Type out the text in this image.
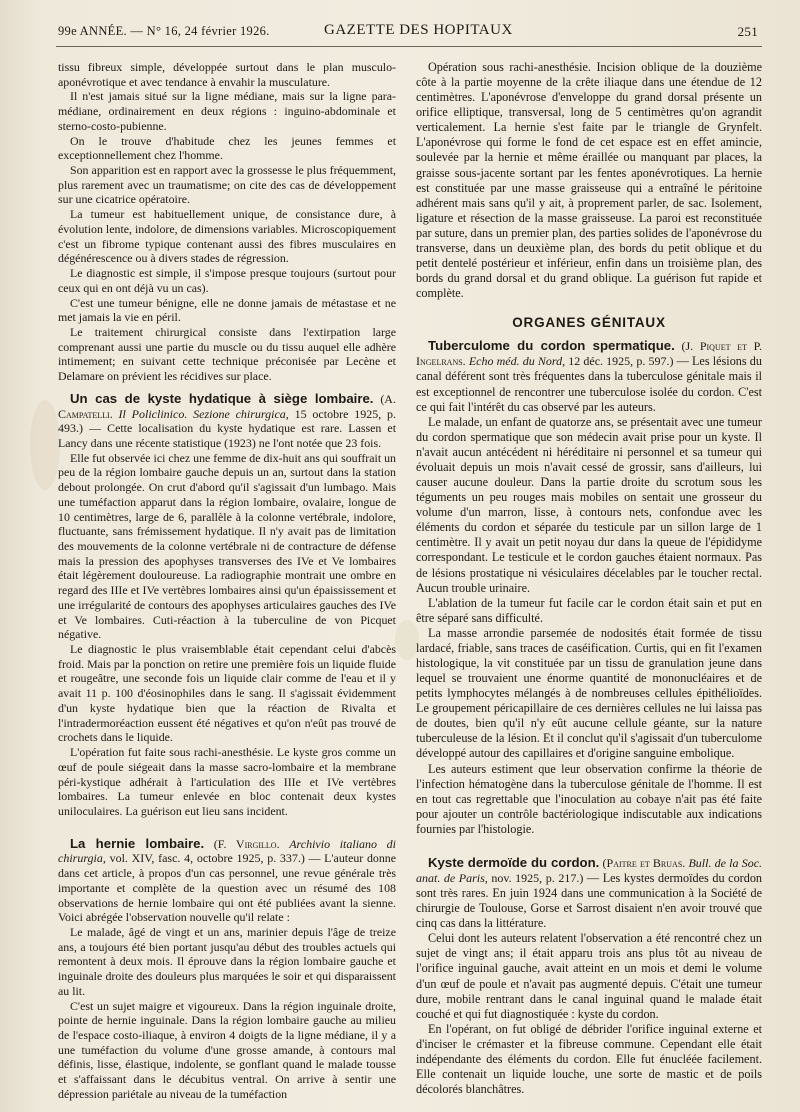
99e ANNÉE. — N° 16, 24 février 1926.	GAZETTE DES HOPITAUX	251

tissu fibreux simple, développée surtout dans le plan musculo-aponévrotique et avec tendance à envahir la musculature.

Il n'est jamais situé sur la ligne médiane, mais sur la ligne para-médiane, ordinairement en deux régions : inguino-abdominale et sterno-costo-pubienne.

On le trouve d'habitude chez les jeunes femmes et exceptionnellement chez l'homme.

Son apparition est en rapport avec la grossesse le plus fréquemment, plus rarement avec un traumatisme; on cite des cas de développement sur une cicatrice opératoire.

La tumeur est habituellement unique, de consistance dure, à évolution lente, indolore, de dimensions variables. Microscopiquement c'est un fibrome typique contenant aussi des fibres musculaires en dégénérescence ou à divers stades de régression.

Le diagnostic est simple, il s'impose presque toujours (surtout pour ceux qui en ont déjà vu un cas).

C'est une tumeur bénigne, elle ne donne jamais de métastase et ne met jamais la vie en péril.

Le traitement chirurgical consiste dans l'extirpation large comprenant aussi une partie du muscle ou du tissu auquel elle adhère intimement; en suivant cette technique préconisée par Lecène et Delamare on prévient les récidives sur place.

Un cas de kyste hydatique à siège lombaire. (A. Campatelli. Il Policlinico. Sezione chirurgica, 15 octobre 1925, p. 493.) — Cette localisation du kyste hydatique est rare. Lassen et Lancy dans une récente statistique (1923) ne l'ont notée que 23 fois.

Elle fut observée ici chez une femme de dix-huit ans qui souffrait un peu de la région lombaire gauche depuis un an, surtout dans la station debout prolongée. On crut d'abord qu'il s'agissait d'un lumbago. Mais une tuméfaction apparut dans la région lombaire, ovalaire, longue de 10 centimètres, large de 6, parallèle à la colonne vertébrale, indolore, fluctuante, sans frémissement hydatique. Il n'y avait pas de limitation des mouvements de la colonne vertébrale ni de contracture de défense mais la pression des apophyses transverses des IVe et Ve lombaires était légèrement douloureuse. La radiographie montrait une ombre en regard des IIIe et IVe vertèbres lombaires ainsi qu'un épaississement et une irrégularité de contours des apophyses articulaires gauches des IVe et Ve lombaires. Cuti-réaction à la tuberculine de von Picquet négative.

Le diagnostic le plus vraisemblable était cependant celui d'abcès froid. Mais par la ponction on retire une première fois un liquide fluide et rougeâtre, une seconde fois un liquide clair comme de l'eau et il y avait 11 p. 100 d'éosinophiles dans le sang. Il s'agissait évidemment d'un kyste hydatique bien que la réaction de Rivalta et l'intradermoréaction eussent été négatives et qu'on n'eût pas trouvé de crochets dans le liquide.

L'opération fut faite sous rachi-anesthésie. Le kyste gros comme un œuf de poule siégeait dans la masse sacro-lombaire et la membrane péri-kystique adhérait à l'articulation des IIIe et IVe vertèbres lombaires. La tumeur enlevée en bloc contenait deux kystes uniloculaires. La guérison eut lieu sans incident.

La hernie lombaire. (F. Virgillo. Archivio italiano di chirurgia, vol. XIV, fasc. 4, octobre 1925, p. 337.) — L'auteur donne dans cet article, à propos d'un cas personnel, une revue générale très importante et complète de la question avec un résumé des 108 observations de hernie lombaire qui ont été publiées avant la sienne. Voici abrégée l'observation nouvelle qu'il relate :

Le malade, âgé de vingt et un ans, marinier depuis l'âge de treize ans, a toujours été bien portant jusqu'au début des troubles actuels qui remontent à deux mois. Il éprouve dans la région lombaire gauche et inguinale droite des douleurs plus marquées le soir et qui disparaissent au lit.

C'est un sujet maigre et vigoureux. Dans la région inguinale droite, pointe de hernie inguinale. Dans la région lombaire gauche au milieu de l'espace costo-iliaque, à environ 4 doigts de la ligne médiane, il y a une tuméfaction du volume d'une grosse amande, à contours mal définis, lisse, élastique, indolente, se gonflant quand le malade tousse et s'affaissant dans le décubitus ventral. On arrive à sentir une dépression pariétale au niveau de la tuméfaction

Opération sous rachi-anesthésie. Incision oblique de la douzième côte à la partie moyenne de la crête iliaque dans une étendue de 12 centimètres. L'aponévrose d'enveloppe du grand dorsal présente un orifice elliptique, transversal, long de 5 centimètres qu'on agrandit verticalement. La hernie s'est faite par le triangle de Grynfelt. L'aponévrose qui forme le fond de cet espace est en effet amincie, soulevée par la hernie et même éraillée ou manquant par places, la graisse sous-jacente sortant par les fentes aponévrotiques. La hernie est constituée par une masse graisseuse qui a entraîné le péritoine adhérent mais sans qu'il y ait, à proprement parler, de sac. Isolement, ligature et résection de la masse graisseuse. La paroi est reconstituée par suture, dans un premier plan, des parties solides de l'aponévrose du transverse, dans un deuxième plan, des bords du petit oblique et du petit dentelé postérieur et inférieur, enfin dans un troisième plan, des bords du grand dorsal et du grand oblique. La guérison fut rapide et complète.

ORGANES GÉNITAUX

Tuberculome du cordon spermatique. (J. Piquet et P. Ingelrans. Echo méd. du Nord, 12 déc. 1925, p. 597.) — Les lésions du canal déférent sont très fréquentes dans la tuberculose génitale mais il est exceptionnel de rencontrer une tuberculose isolée du cordon. C'est ce qui fait l'intérêt du cas observé par les auteurs.

Le malade, un enfant de quatorze ans, se présentait avec une tumeur du cordon spermatique que son médecin avait prise pour un kyste. Il n'avait aucun antécédent ni héréditaire ni personnel et sa tumeur qui évoluait depuis un mois n'avait cessé de grossir, sans d'ailleurs, lui causer aucune douleur. Dans la partie droite du scrotum sous les téguments un peu rouges mais mobiles on sentait une grosseur du volume d'un marron, lisse, à contours nets, confondue avec les éléments du cordon et séparée du testicule par un sillon large de 1 centimètre. Il y avait un petit noyau dur dans la queue de l'épididyme correspondant. Le testicule et le cordon gauches étaient normaux. Pas de lésions prostatique ni vésiculaires décelables par le toucher rectal. Aucun trouble urinaire.

L'ablation de la tumeur fut facile car le cordon était sain et put en être séparé sans difficulté.

La masse arrondie parsemée de nodosités était formée de tissu lardacé, friable, sans traces de caséification. Curtis, qui en fit l'examen histologique, la vit constituée par un tissu de granulation jeune dans lequel se trouvaient une énorme quantité de mononucléaires et de petits lymphocytes mélangés à de nombreuses cellules épithélioïdes. Le groupement péricapillaire de ces dernières cellules ne lui laissa pas de doutes, bien qu'il n'y eût aucune cellule géante, sur la nature tuberculeuse de la lésion. Et il conclut qu'il s'agissait d'un tuberculome développé autour des capillaires et d'origine sanguine embolique.

Les auteurs estiment que leur observation confirme la théorie de l'infection hématogène dans la tuberculose génitale de l'homme. Il est en tout cas regrettable que l'inoculation au cobaye n'ait pas été faite pour ajouter un contrôle bactériologique indiscutable aux indications fournies par l'histologie.

Kyste dermoïde du cordon. (Paitre et Bruas. Bull. de la Soc. anat. de Paris, nov. 1925, p. 217.) — Les kystes dermoïdes du cordon sont très rares. En juin 1924 dans une communication à la Société de chirurgie de Toulouse, Gorse et Sarrost disaient n'en avoir trouvé que cinq cas dans la littérature.

Celui dont les auteurs relatent l'observation a été rencontré chez un sujet de vingt ans; il était apparu trois ans plus tôt au niveau de l'orifice inguinal gauche, avait atteint en un mois et demi le volume d'un œuf de poule et n'avait pas augmenté depuis. C'était une tumeur dure, mobile rentrant dans le canal inguinal quand le malade était couché et qui fut diagnostiquée : kyste du cordon.

En l'opérant, on fut obligé de débrider l'orifice inguinal externe et d'inciser le crémaster et la fibreuse commune. Cependant elle était indépendante des éléments du cordon. Elle fut énucléée facilement. Elle contenait un liquide louche, une sorte de mastic et de poils décolorés blanchâtres.
